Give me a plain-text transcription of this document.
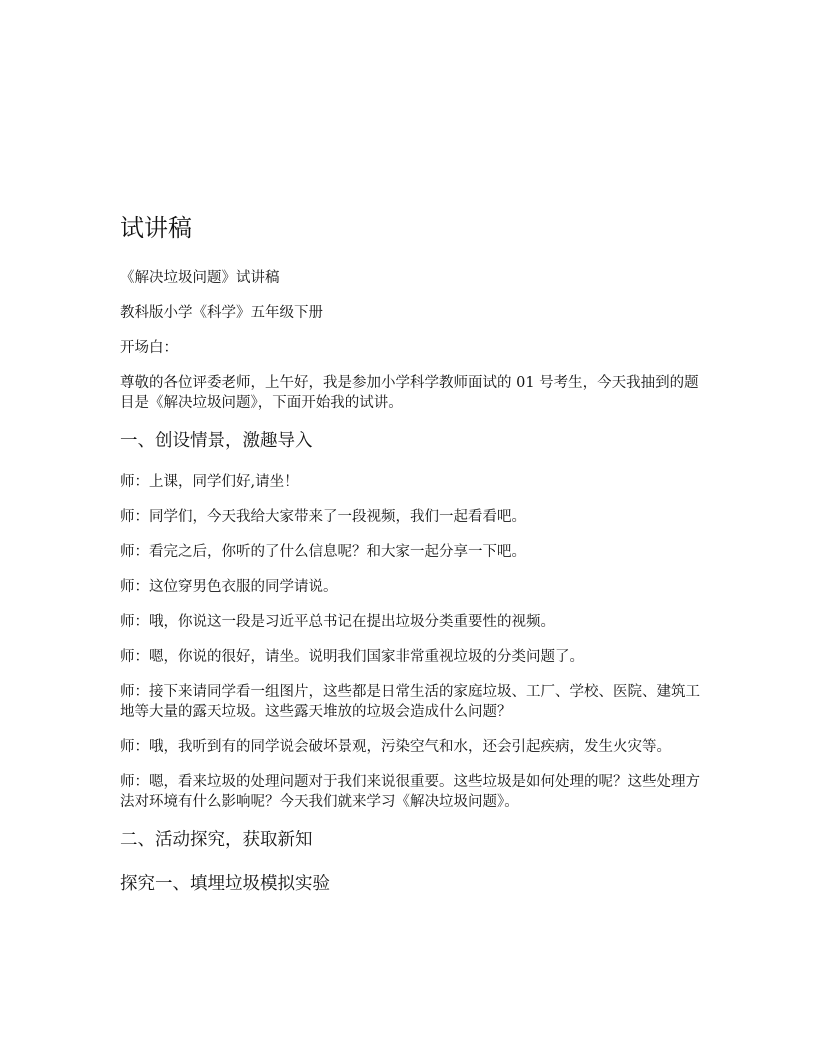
试讲稿

《解决垃圾问题》试讲稿

教科版小学《科学》五年级下册

开场白：

尊敬的各位评委老师，上午好，我是参加小学科学教师面试的 01 号考生，今天我抽到的题目是《解决垃圾问题》，下面开始我的试讲。

一、创设情景，激趣导入

师：上课，同学们好,请坐！

师：同学们，今天我给大家带来了一段视频，我们一起看看吧。

师：看完之后，你听的了什么信息呢？和大家一起分享一下吧。

师：这位穿男色衣服的同学请说。

师：哦，你说这一段是习近平总书记在提出垃圾分类重要性的视频。

师：嗯，你说的很好，请坐。说明我们国家非常重视垃圾的分类问题了。

师：接下来请同学看一组图片，这些都是日常生活的家庭垃圾、工厂、学校、医院、建筑工地等大量的露天垃圾。这些露天堆放的垃圾会造成什么问题？

师：哦，我听到有的同学说会破坏景观，污染空气和水，还会引起疾病，发生火灾等。

师：嗯，看来垃圾的处理问题对于我们来说很重要。这些垃圾是如何处理的呢？这些处理方法对环境有什么影响呢？今天我们就来学习《解决垃圾问题》。

二、活动探究，获取新知
探究一、填埋垃圾模拟实验
